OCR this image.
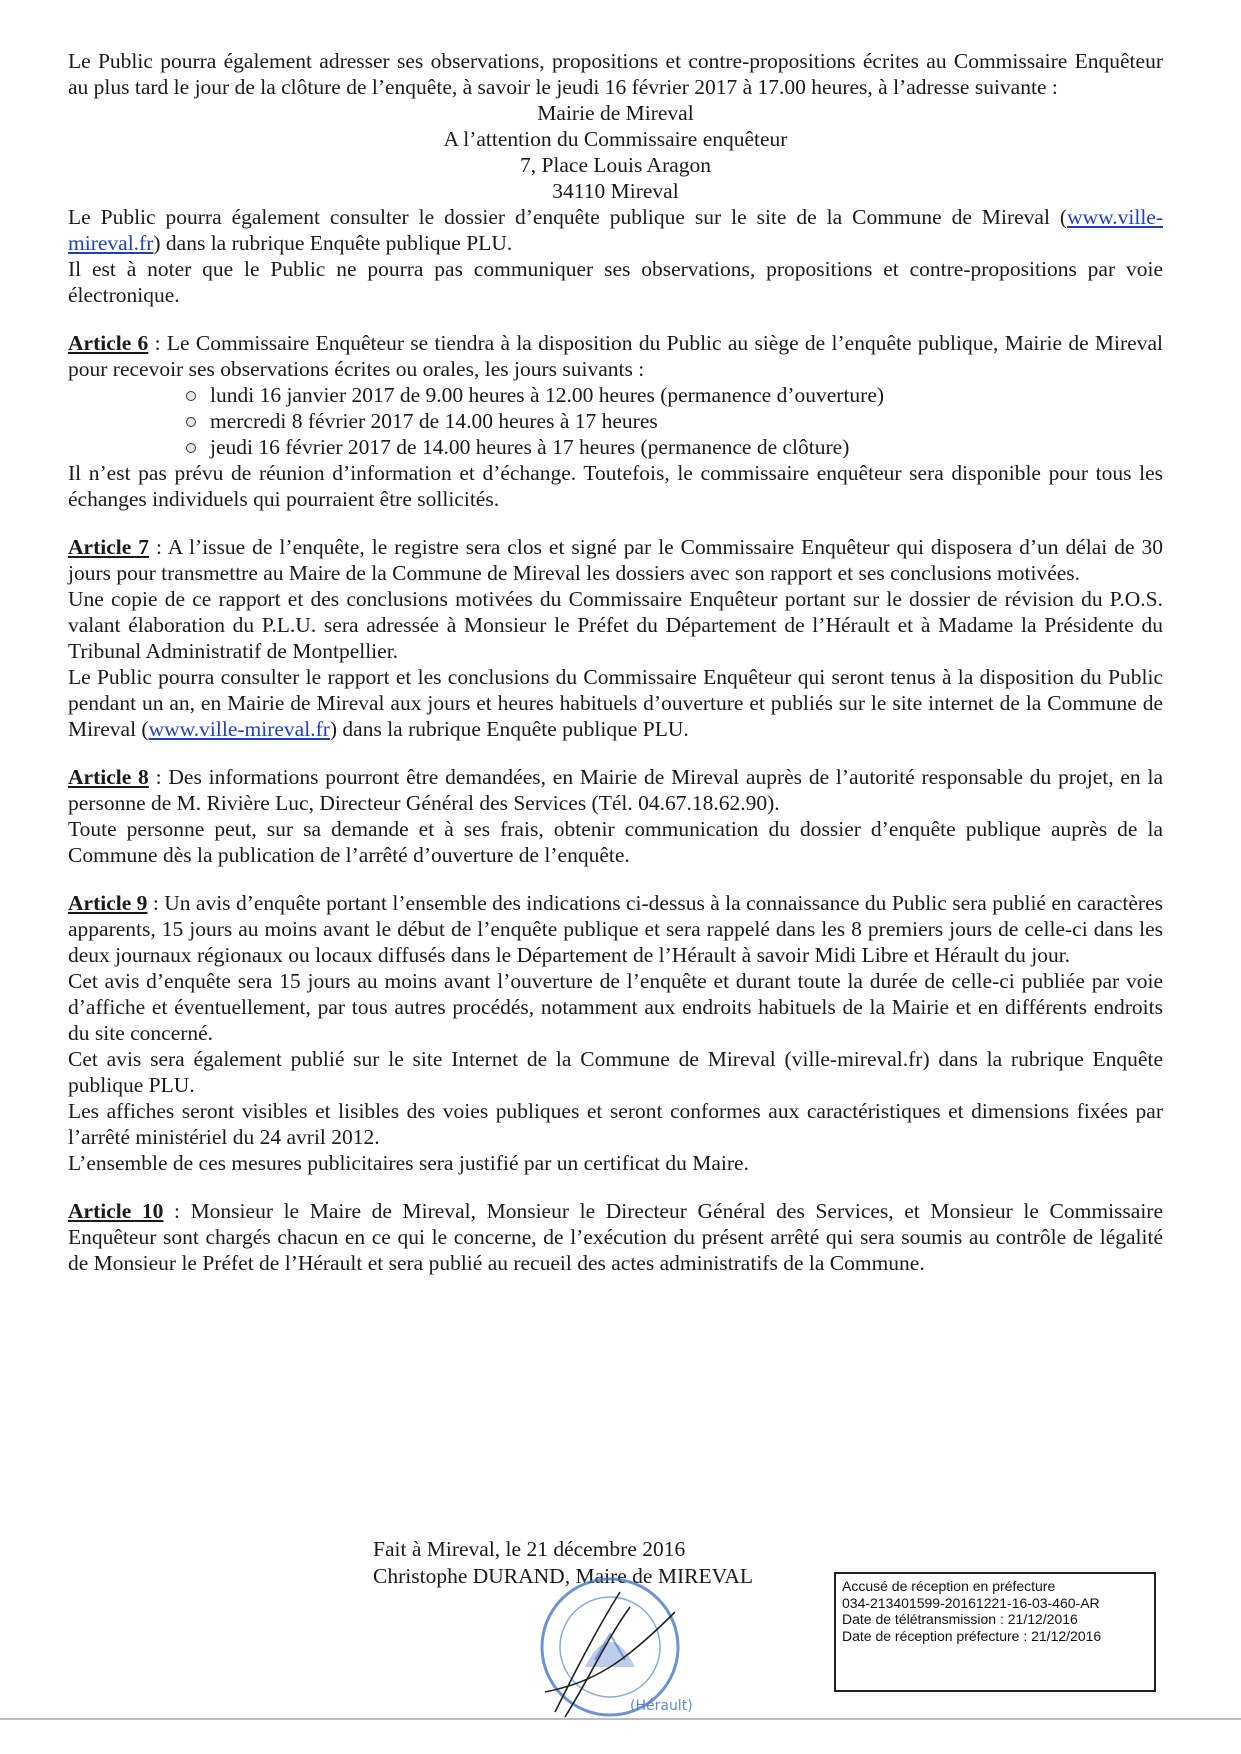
Le Public pourra également adresser ses observations, propositions et contre-propositions écrites au Commissaire Enquêteur au plus tard le jour de la clôture de l’enquête, à savoir le jeudi 16 février 2017 à 17.00 heures, à l’adresse suivante :

Mairie de Mireval
A l’attention du Commissaire enquêteur
7, Place Louis Aragon
34110 Mireval

Le Public pourra également consulter le dossier d’enquête publique sur le site de la Commune de Mireval (www.ville-mireval.fr) dans la rubrique Enquête publique PLU.

Il est à noter que le Public ne pourra pas communiquer ses observations, propositions et contre-propositions par voie électronique.

Article 6 : Le Commissaire Enquêteur se tiendra à la disposition du Public au siège de l’enquête publique, Mairie de Mireval pour recevoir ses observations écrites ou orales, les jours suivants :

lundi 16 janvier 2017 de 9.00 heures à 12.00 heures (permanence d’ouverture)
mercredi 8 février 2017 de 14.00 heures à 17 heures
jeudi 16 février 2017 de 14.00 heures à 17 heures (permanence de clôture)

Il n’est pas prévu de réunion d’information et d’échange. Toutefois, le commissaire enquêteur sera disponible pour tous les échanges individuels qui pourraient être sollicités.

Article 7 : A l’issue de l’enquête, le registre sera clos et signé par le Commissaire Enquêteur qui disposera d’un délai de 30 jours pour transmettre au Maire de la Commune de Mireval les dossiers avec son rapport et ses conclusions motivées.

Une copie de ce rapport et des conclusions motivées du Commissaire Enquêteur portant sur le dossier de révision du P.O.S. valant élaboration du P.L.U. sera adressée à Monsieur le Préfet du Département de l’Hérault et à Madame la Présidente du Tribunal Administratif de Montpellier.

Le Public pourra consulter le rapport et les conclusions du Commissaire Enquêteur qui seront tenus à la disposition du Public pendant un an, en Mairie de Mireval aux jours et heures habituels d’ouverture et publiés sur le site internet de la Commune de Mireval (www.ville-mireval.fr) dans la rubrique Enquête publique PLU.

Article 8 : Des informations pourront être demandées, en Mairie de Mireval auprès de l’autorité responsable du projet, en la personne de M. Rivière Luc, Directeur Général des Services (Tél. 04.67.18.62.90).

Toute personne peut, sur sa demande et à ses frais, obtenir communication du dossier d’enquête publique auprès de la Commune dès la publication de l’arrêté d’ouverture de l’enquête.

Article 9 : Un avis d’enquête portant l’ensemble des indications ci-dessus à la connaissance du Public sera publié en caractères apparents, 15 jours au moins avant le début de l’enquête publique et sera rappelé dans les 8 premiers jours de celle-ci dans les deux journaux régionaux ou locaux diffusés dans le Département de l’Hérault à savoir Midi Libre et Hérault du jour.

Cet avis d’enquête sera 15 jours au moins avant l’ouverture de l’enquête et durant toute la durée de celle-ci publiée par voie d’affiche et éventuellement, par tous autres procédés, notamment aux endroits habituels de la Mairie et en différents endroits du site concerné.

Cet avis sera également publié sur le site Internet de la Commune de Mireval (ville-mireval.fr) dans la rubrique Enquête publique PLU.

Les affiches seront visibles et lisibles des voies publiques et seront conformes aux caractéristiques et dimensions fixées par l’arrêté ministériel du 24 avril 2012.

L’ensemble de ces mesures publicitaires sera justifié par un certificat du Maire.

Article 10 : Monsieur le Maire de Mireval, Monsieur le Directeur Général des Services, et Monsieur le Commissaire Enquêteur sont chargés chacun en ce qui le concerne, de l’exécution du présent arrêté qui sera soumis au contrôle de légalité de Monsieur le Préfet de l’Hérault et sera publié au recueil des actes administratifs de la Commune.

Fait à Mireval, le 21 décembre 2016
Christophe DURAND, Maire de MIREVAL
(Hérault)
Accusé de réception en préfecture
034-213401599-20161221-16-03-460-AR
Date de télétransmission : 21/12/2016
Date de réception préfecture : 21/12/2016
